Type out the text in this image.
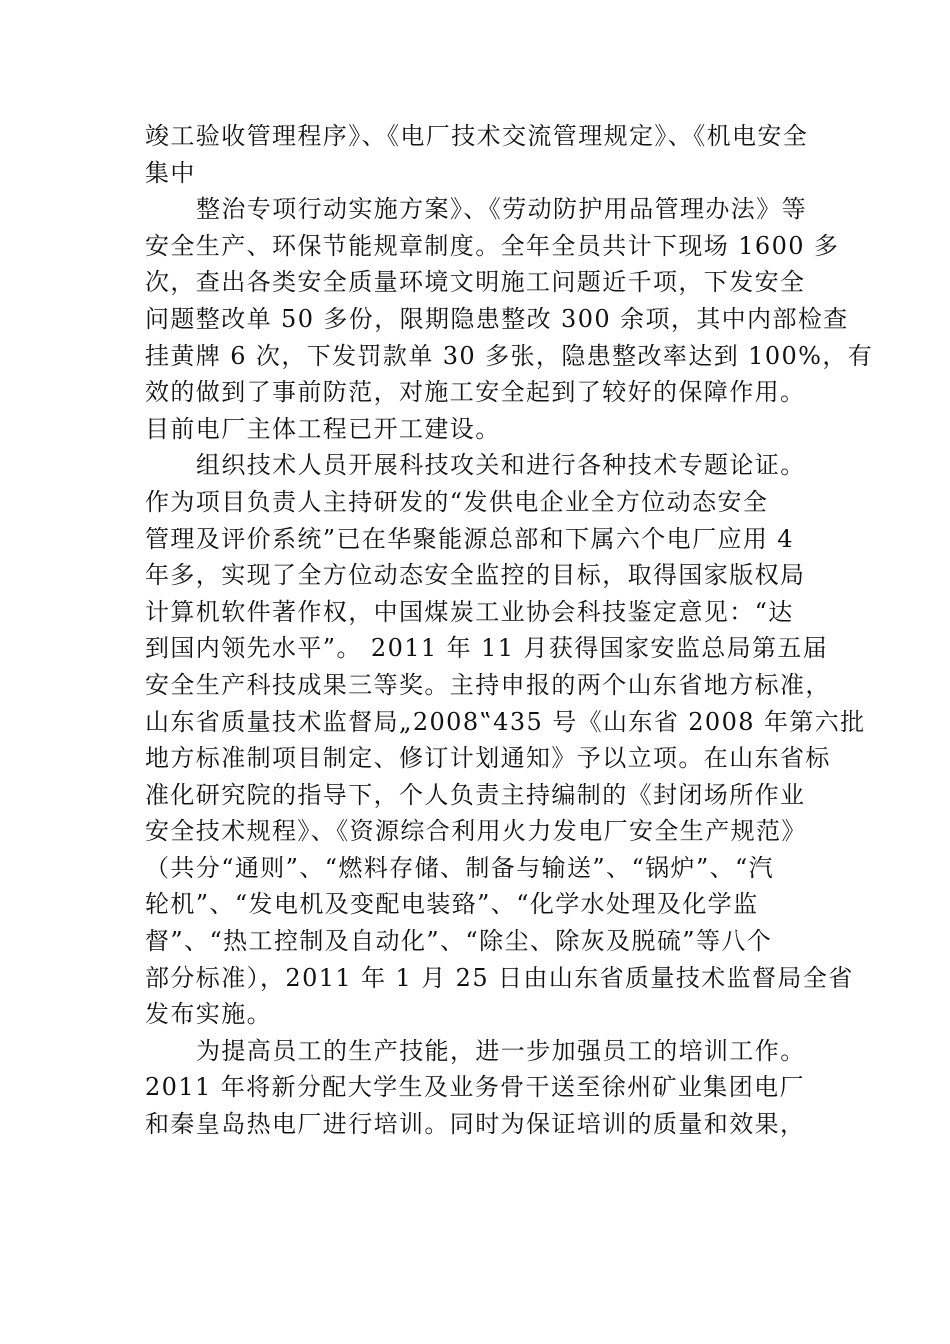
竣工验收管理程序》、《电厂技术交流管理规定》、《机电安全
集中
整治专项行动实施方案》、《劳动防护用品管理办法》等
安全生产、环保节能规章制度。全年全员共计下现场 1600 多
次，查出各类安全质量环境文明施工问题近千项，下发安全
问题整改单 50 多份，限期隐患整改 300 余项，其中内部检查
挂黄牌 6 次，下发罚款单 30 多张，隐患整改率达到 100%，有
效的做到了事前防范，对施工安全起到了较好的保障作用。
目前电厂主体工程已开工建设。
组织技术人员开展科技攻关和进行各种技术专题论证。
作为项目负责人主持研发的“发供电企业全方位动态安全
管理及评价系统”已在华聚能源总部和下属六个电厂应用 4
年多，实现了全方位动态安全监控的目标，取得国家版权局
计算机软件著作权，中国煤炭工业协会科技鉴定意见：“达
到国内领先水平”。 2011 年 11 月获得国家安监总局第五届
安全生产科技成果三等奖。主持申报的两个山东省地方标准，
山东省质量技术监督局„2008‟435 号《山东省 2008 年第六批
地方标准制项目制定、修订计划通知》予以立项。在山东省标
准化研究院的指导下，个人负责主持编制的《封闭场所作业
安全技术规程》、《资源综合利用火力发电厂安全生产规范》
（共分“通则”、“燃料存储、制备与输送”、“锅炉”、“汽
轮机”、“发电机及变配电装臵”、“化学水处理及化学监
督”、“热工控制及自动化”、“除尘、除灰及脱硫”等八个
部分标准），2011 年 1 月 25 日由山东省质量技术监督局全省
发布实施。
为提高员工的生产技能，进一步加强员工的培训工作。
2011 年将新分配大学生及业务骨干送至徐州矿业集团电厂
和秦皇岛热电厂进行培训。同时为保证培训的质量和效果，
